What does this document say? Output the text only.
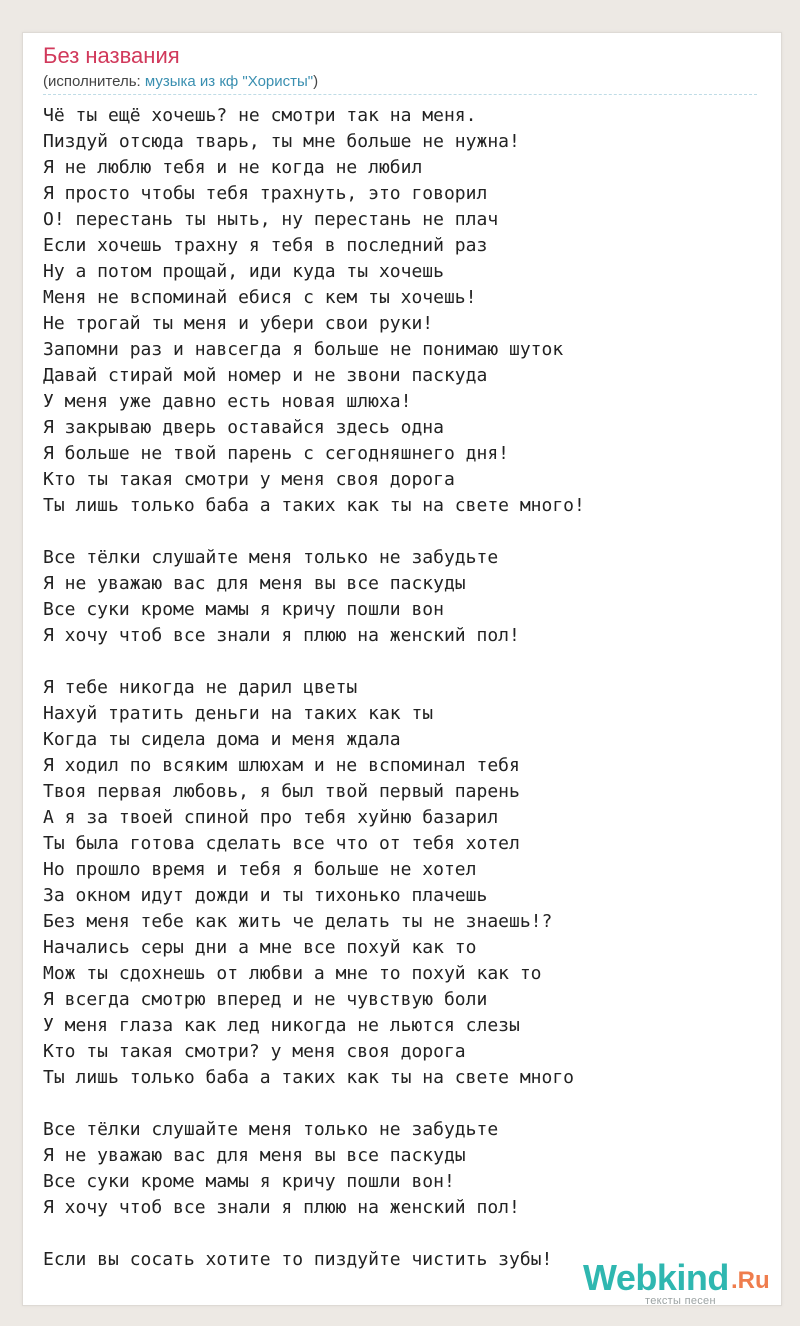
Без названия
(исполнитель: музыка из кф "Хористы")
Чё ты ещё хочешь? не смотри так на меня.
Пиздуй отсюда тварь, ты мне больше не нужна!
Я не люблю тебя и не когда не любил
Я просто чтобы тебя трахнуть, это говорил
О! перестань ты ныть, ну перестань не плач
Если хочешь трахну я тебя в последний раз
Ну а потом прощай, иди куда ты хочешь
Меня не вспоминай ебися с кем ты хочешь!
Не трогай ты меня и убери свои руки!
Запомни раз и навсегда я больше не понимаю шуток
Давай стирай мой номер и не звони паскуда
У меня уже давно есть новая шлюха!
Я закрываю дверь оставайся здесь одна
Я больше не твой парень с сегодняшнего дня!
Кто ты такая смотри у меня своя дорога
Ты лишь только баба а таких как ты на свете много!

Все тёлки слушайте меня только не забудьте
Я не уважаю вас для меня вы все паскуды
Все суки кроме мамы я кричу пошли вон
Я хочу чтоб все знали я плюю на женский пол!

Я тебе никогда не дарил цветы
Нахуй тратить деньги на таких как ты
Когда ты сидела дома и меня ждала
Я ходил по всяким шлюхам и не вспоминал тебя
Твоя первая любовь, я был твой первый парень
А я за твоей спиной про тебя хуйню базарил
Ты была готова сделать все что от тебя хотел
Но прошло время и тебя я больше не хотел
За окном идут дожди и ты тихонько плачешь
Без меня тебе как жить че делать ты не знаешь!?
Начались серы дни а мне все похуй как то
Мож ты сдохнешь от любви а мне то похуй как то
Я всегда смотрю вперед и не чувствую боли
У меня глаза как лед никогда не льются слезы
Кто ты такая смотри? у меня своя дорога
Ты лишь только баба а таких как ты на свете много

Все тёлки слушайте меня только не забудьте
Я не уважаю вас для меня вы все паскуды
Все суки кроме мамы я кричу пошли вон!
Я хочу чтоб все знали я плюю на женский пол!

Если вы сосать хотите то пиздуйте чистить зубы! Webkind .Ru
тексты песен
